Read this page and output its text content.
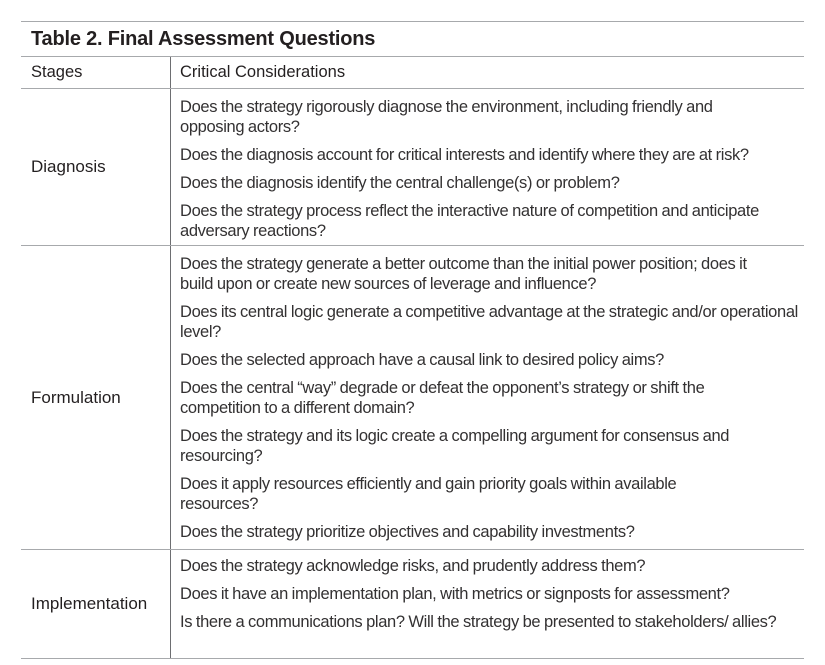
Table 2. Final Assessment Questions
Stages	Critical Considerations
Diagnosis
Does the strategy rigorously diagnose the environment, including friendly and opposing actors?
Does the diagnosis account for critical interests and identify where they are at risk?
Does the diagnosis identify the central challenge(s) or problem?
Does the strategy process reflect the interactive nature of competition and anticipate adversary reactions?
Formulation
Does the strategy generate a better outcome than the initial power position; does it build upon or create new sources of leverage and influence?
Does its central logic generate a competitive advantage at the strategic and/or operational level?
Does the selected approach have a causal link to desired policy aims?
Does the central “way” degrade or defeat the opponent’s strategy or shift the competition to a different domain?
Does the strategy and its logic create a compelling argument for consensus and resourcing?
Does it apply resources efficiently and gain priority goals within available resources?
Does the strategy prioritize objectives and capability investments?
Implementation
Does the strategy acknowledge risks, and prudently address them?
Does it have an implementation plan, with metrics or signposts for assessment?
Is there a communications plan? Will the strategy be presented to stakeholders/ allies?
